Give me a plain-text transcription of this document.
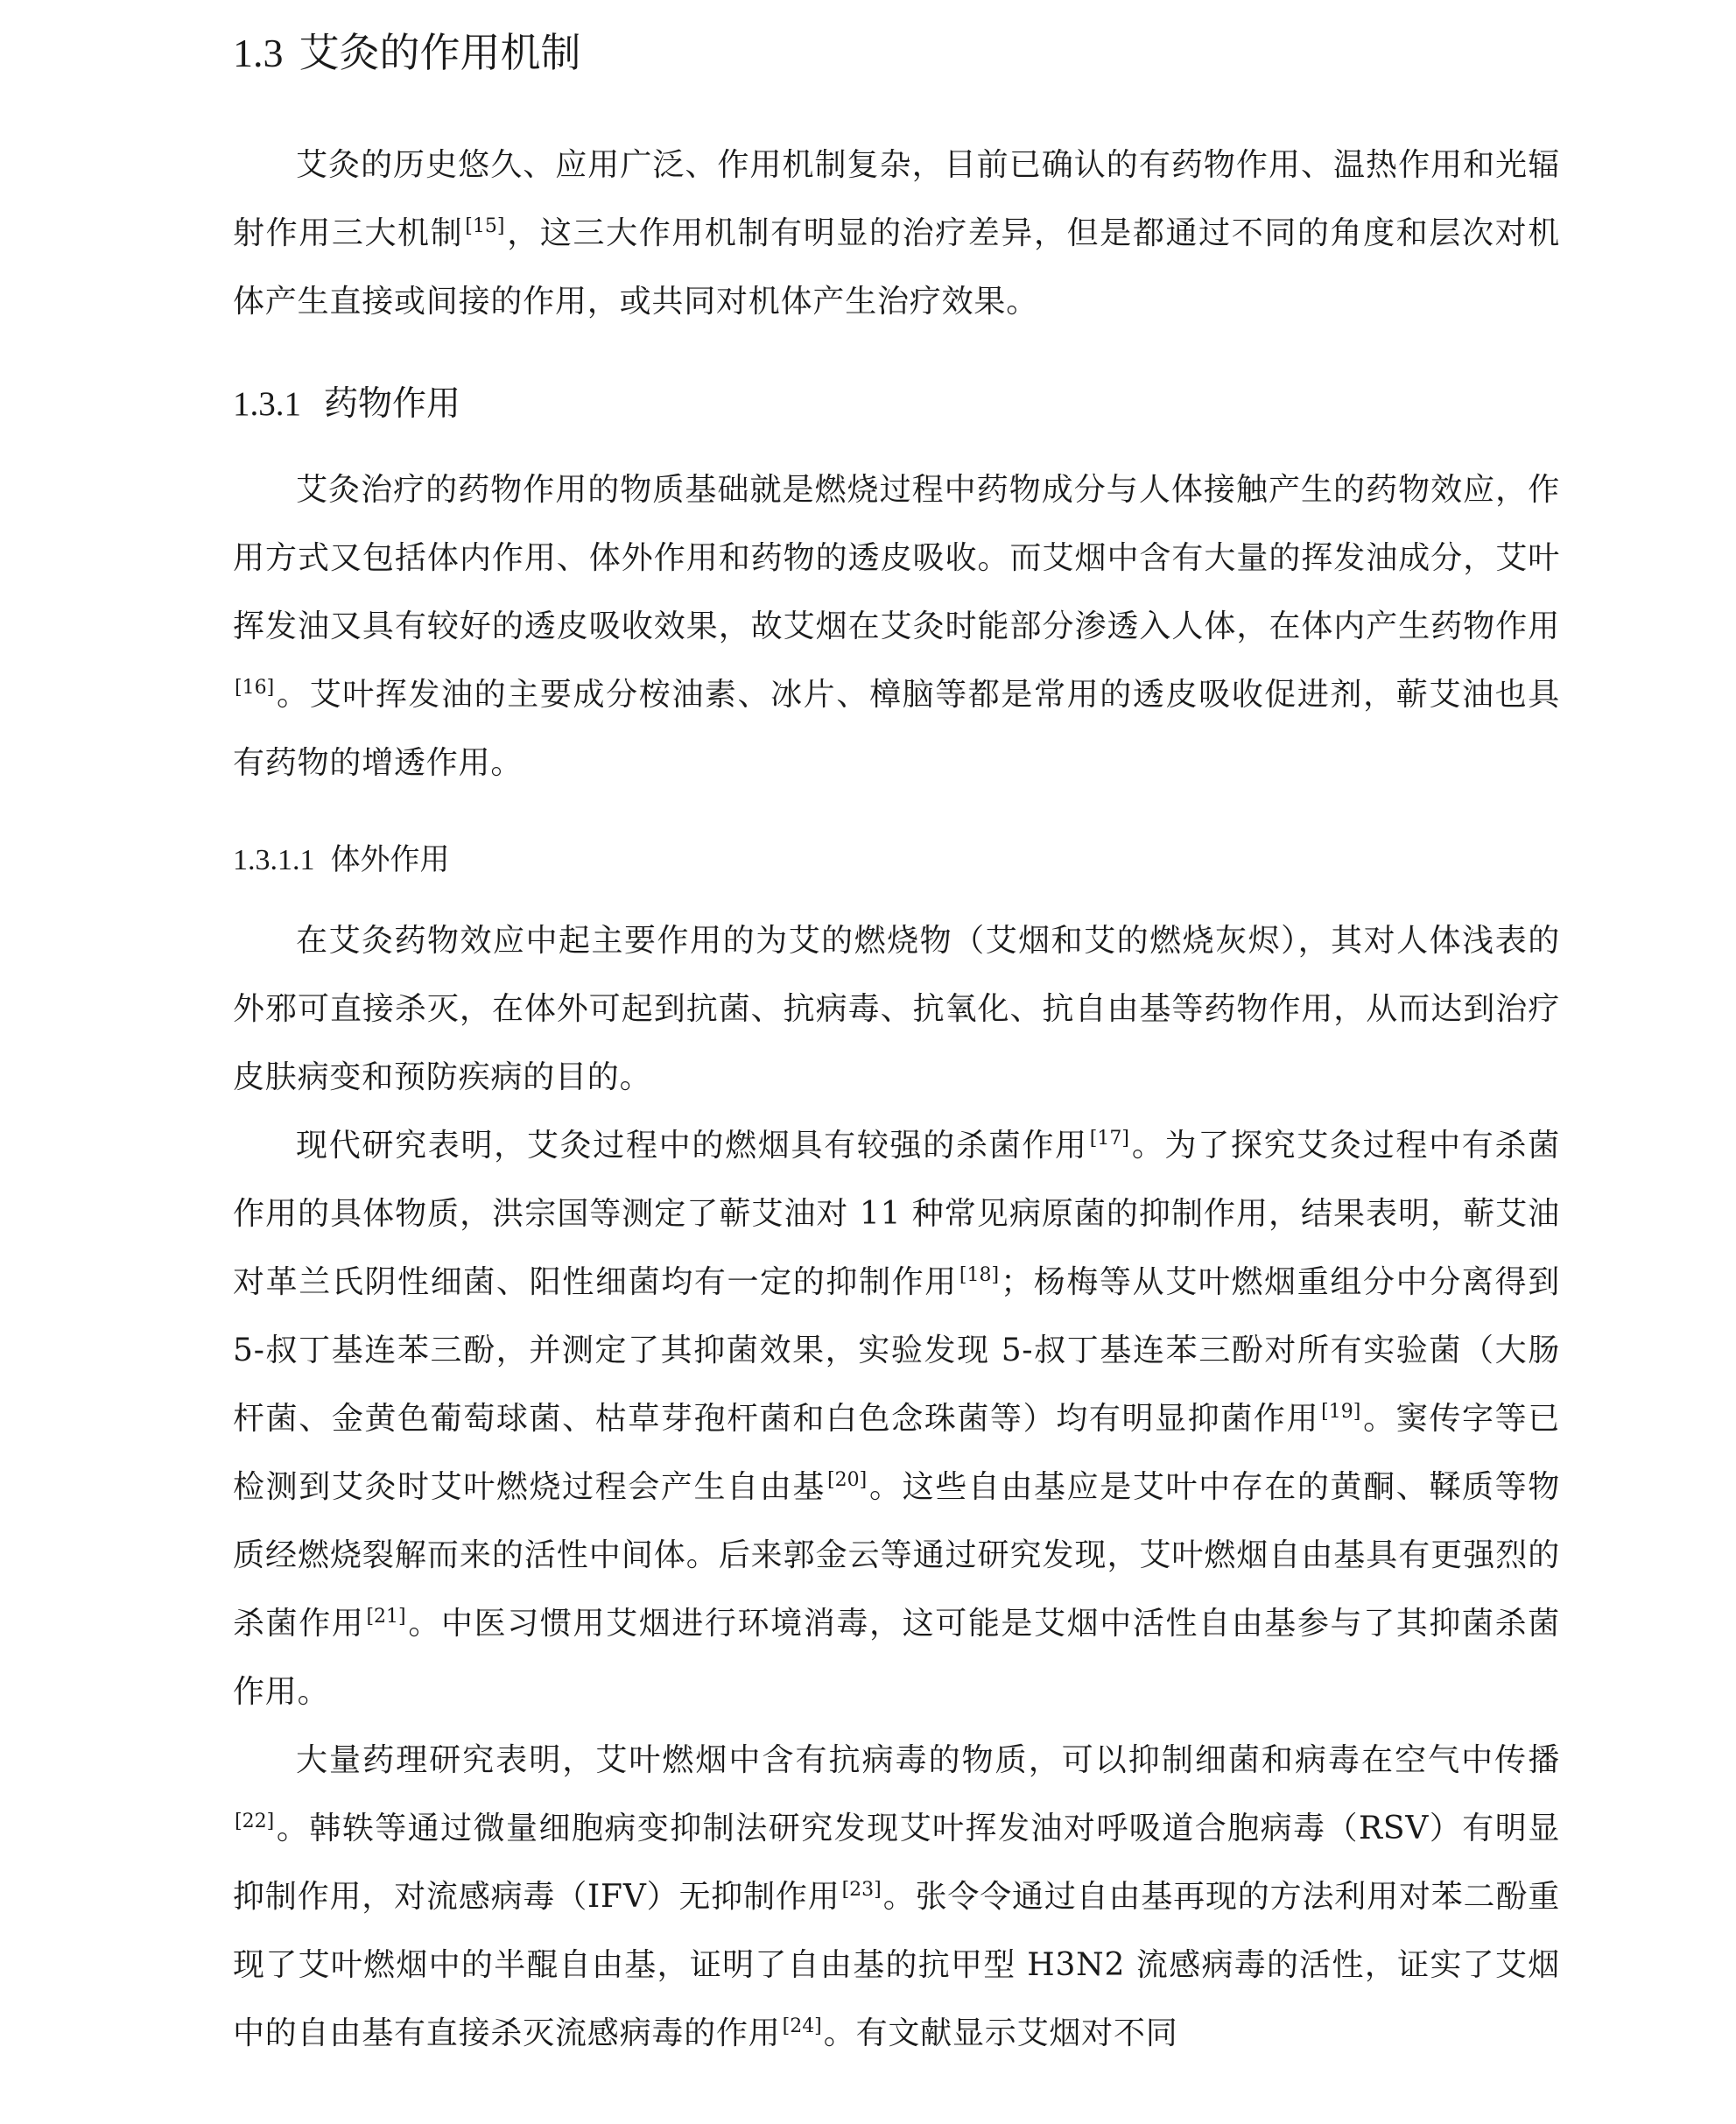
1.3 艾灸的作用机制

艾灸的历史悠久、应用广泛、作用机制复杂，目前已确认的有药物作用、温热作用和光辐射作用三大机制[15]，这三大作用机制有明显的治疗差异，但是都通过不同的角度和层次对机体产生直接或间接的作用，或共同对机体产生治疗效果。

1.3.1 药物作用

艾灸治疗的药物作用的物质基础就是燃烧过程中药物成分与人体接触产生的药物效应，作用方式又包括体内作用、体外作用和药物的透皮吸收。而艾烟中含有大量的挥发油成分，艾叶挥发油又具有较好的透皮吸收效果，故艾烟在艾灸时能部分渗透入人体，在体内产生药物作用[16]。艾叶挥发油的主要成分桉油素、冰片、樟脑等都是常用的透皮吸收促进剂，蕲艾油也具有药物的增透作用。

1.3.1.1 体外作用

在艾灸药物效应中起主要作用的为艾的燃烧物（艾烟和艾的燃烧灰烬），其对人体浅表的外邪可直接杀灭，在体外可起到抗菌、抗病毒、抗氧化、抗自由基等药物作用，从而达到治疗皮肤病变和预防疾病的目的。

现代研究表明，艾灸过程中的燃烟具有较强的杀菌作用[17]。为了探究艾灸过程中有杀菌作用的具体物质，洪宗国等测定了蕲艾油对 11 种常见病原菌的抑制作用，结果表明，蕲艾油对革兰氏阴性细菌、阳性细菌均有一定的抑制作用[18]；杨梅等从艾叶燃烟重组分中分离得到 5-叔丁基连苯三酚，并测定了其抑菌效果，实验发现 5-叔丁基连苯三酚对所有实验菌（大肠杆菌、金黄色葡萄球菌、枯草芽孢杆菌和白色念珠菌等）均有明显抑菌作用[19]。窦传字等已检测到艾灸时艾叶燃烧过程会产生自由基[20]。这些自由基应是艾叶中存在的黄酮、鞣质等物质经燃烧裂解而来的活性中间体。后来郭金云等通过研究发现，艾叶燃烟自由基具有更强烈的杀菌作用[21]。中医习惯用艾烟进行环境消毒，这可能是艾烟中活性自由基参与了其抑菌杀菌作用。

大量药理研究表明，艾叶燃烟中含有抗病毒的物质，可以抑制细菌和病毒在空气中传播[22]。韩轶等通过微量细胞病变抑制法研究发现艾叶挥发油对呼吸道合胞病毒（RSV）有明显抑制作用，对流感病毒（IFV）无抑制作用[23]。张令令通过自由基再现的方法利用对苯二酚重现了艾叶燃烟中的半醌自由基，证明了自由基的抗甲型 H3N2 流感病毒的活性，证实了艾烟中的自由基有直接杀灭流感病毒的作用[24]。有文献显示艾烟对不同
